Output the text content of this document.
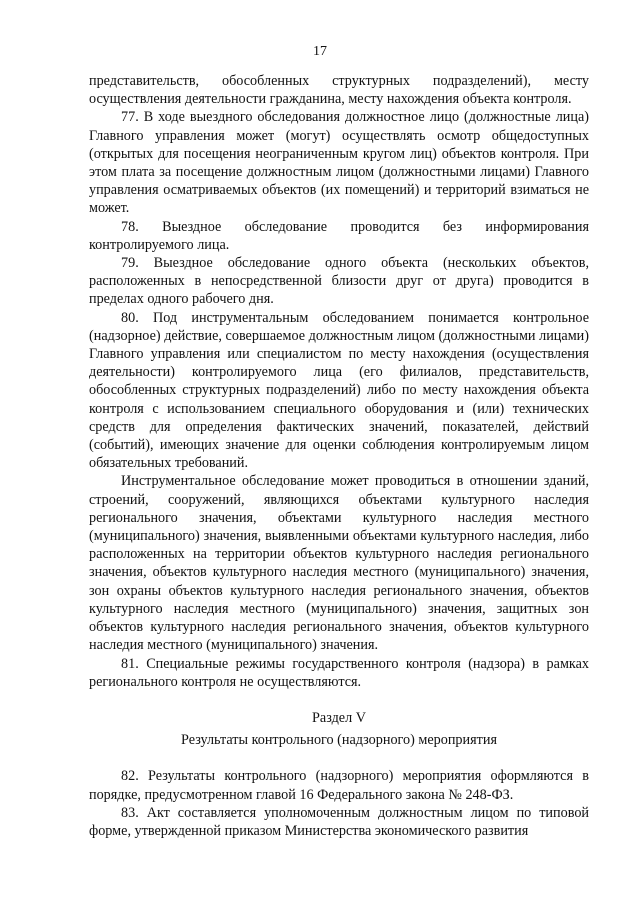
17

представительств, обособленных структурных подразделений), месту осуществления деятельности гражданина, месту нахождения объекта контроля.

77. В ходе выездного обследования должностное лицо (должностные лица) Главного управления может (могут) осуществлять осмотр общедоступных (открытых для посещения неограниченным кругом лиц) объектов контроля. При этом плата за посещение должностным лицом (должностными лицами) Главного управления осматриваемых объектов (их помещений) и территорий взиматься не может.

78. Выездное обследование проводится без информирования контролируемого лица.

79. Выездное обследование одного объекта (нескольких объектов, расположенных в непосредственной близости друг от друга) проводится в пределах одного рабочего дня.

80. Под инструментальным обследованием понимается контрольное (надзорное) действие, совершаемое должностным лицом (должностными лицами) Главного управления или специалистом по месту нахождения (осуществления деятельности) контролируемого лица (его филиалов, представительств, обособленных структурных подразделений) либо по месту нахождения объекта контроля с использованием специального оборудования и (или) технических средств для определения фактических значений, показателей, действий (событий), имеющих значение для оценки соблюдения контролируемым лицом обязательных требований.

Инструментальное обследование может проводиться в отношении зданий, строений, сооружений, являющихся объектами культурного наследия регионального значения, объектами культурного наследия местного (муниципального) значения, выявленными объектами культурного наследия, либо расположенных на территории объектов культурного наследия регионального значения, объектов культурного наследия местного (муниципального) значения, зон охраны объектов культурного наследия регионального значения, объектов культурного наследия местного (муниципального) значения, защитных зон объектов культурного наследия регионального значения, объектов культурного наследия местного (муниципального) значения.

81. Специальные режимы государственного контроля (надзора) в рамках регионального контроля не осуществляются.

Раздел V
Результаты контрольного (надзорного) мероприятия

82. Результаты контрольного (надзорного) мероприятия оформляются в порядке, предусмотренном главой 16 Федерального закона № 248-ФЗ.

83. Акт составляется уполномоченным должностным лицом по типовой форме, утвержденной приказом Министерства экономического развития
